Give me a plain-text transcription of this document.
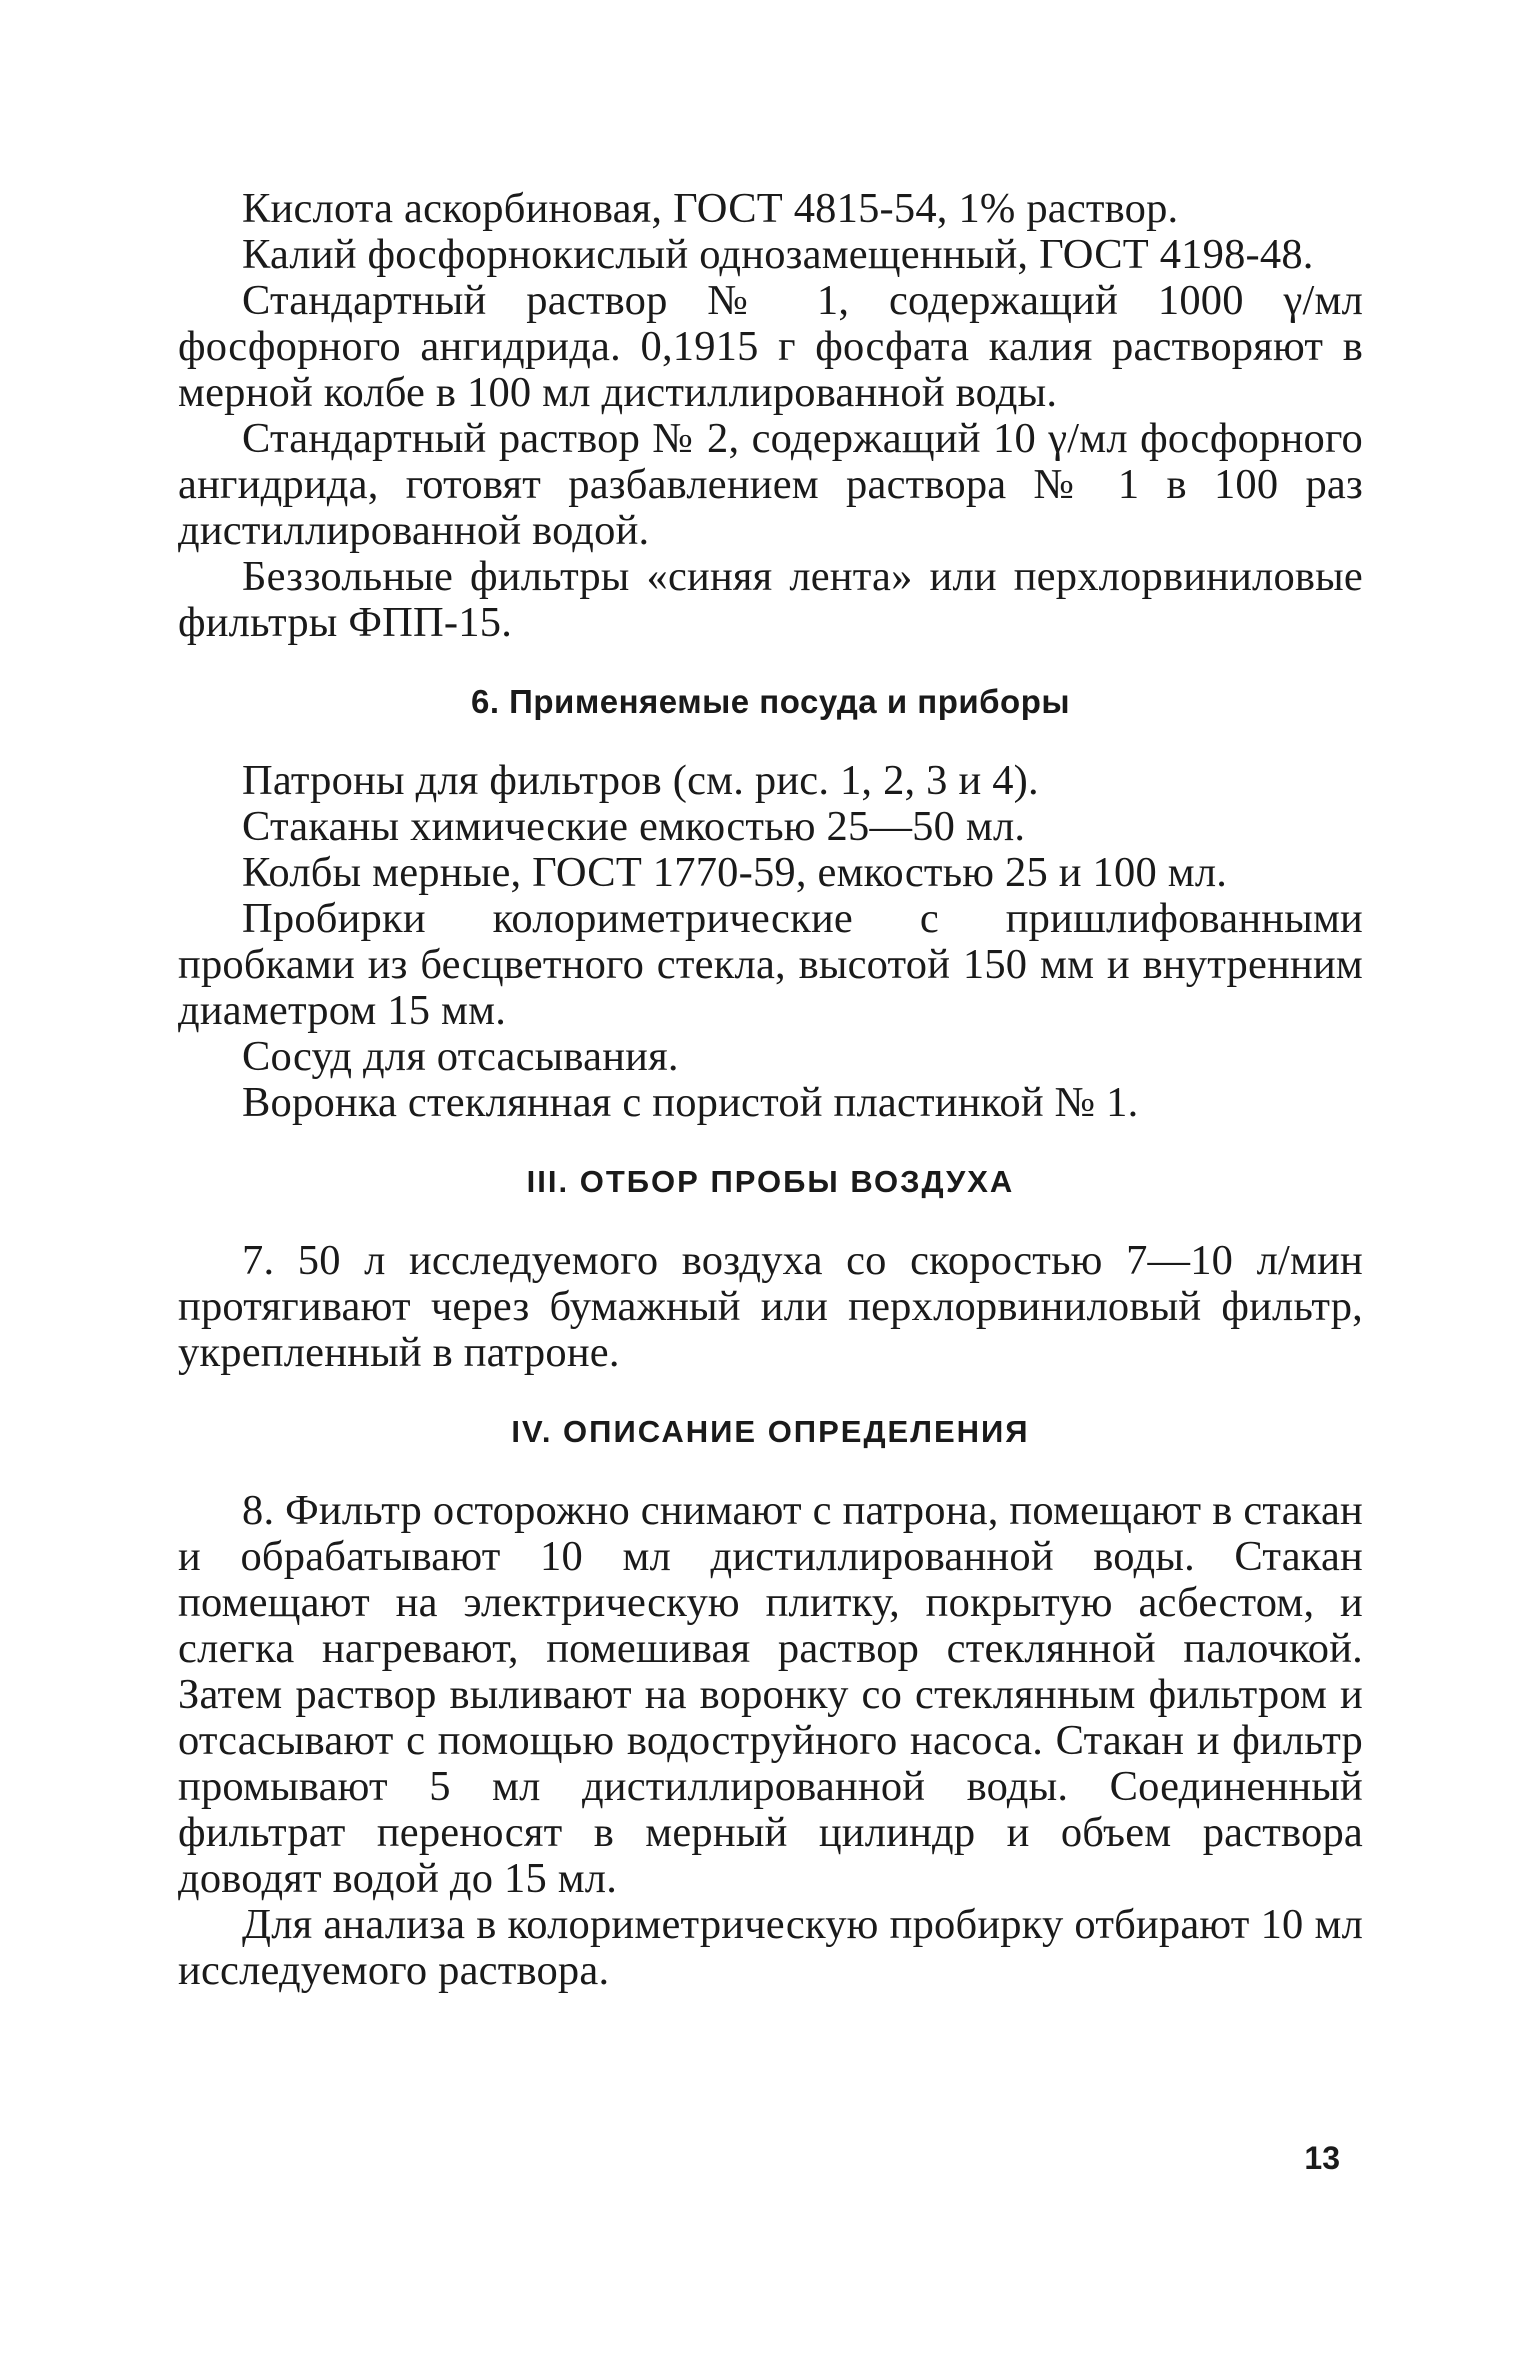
Кислота аскорбиновая, ГОСТ 4815-54, 1% раствор.

Калий фосфорнокислый однозамещенный, ГОСТ 4198-48.

Стандартный раствор № 1, содержащий 1000 γ/мл фосфорного ангидрида. 0,1915 г фосфата калия растворяют в мерной колбе в 100 мл дистиллированной воды.

Стандартный раствор № 2, содержащий 10 γ/мл фосфорного ангидрида, готовят разбавлением раствора № 1 в 100 раз дистиллированной водой.

Беззольные фильтры «синяя лента» или перхлорвиниловые фильтры ФПП-15.

6. Применяемые посуда и приборы

Патроны для фильтров (см. рис. 1, 2, 3 и 4).

Стаканы химические емкостью 25—50 мл.

Колбы мерные, ГОСТ 1770-59, емкостью 25 и 100 мл.

Пробирки колориметрические с пришлифованными пробками из бесцветного стекла, высотой 150 мм и внутренним диаметром 15 мм.

Сосуд для отсасывания.

Воронка стеклянная с пористой пластинкой № 1.

III. ОТБОР ПРОБЫ ВОЗДУХА

7. 50 л исследуемого воздуха со скоростью 7—10 л/мин протягивают через бумажный или перхлорвиниловый фильтр, укрепленный в патроне.

IV. ОПИСАНИЕ ОПРЕДЕЛЕНИЯ

8. Фильтр осторожно снимают с патрона, помещают в стакан и обрабатывают 10 мл дистиллированной воды. Стакан помещают на электрическую плитку, покрытую асбестом, и слегка нагревают, помешивая раствор стеклянной палочкой. Затем раствор выливают на воронку со стеклянным фильтром и отсасывают с помощью водоструйного насоса. Стакан и фильтр промывают 5 мл дистиллированной воды. Соединенный фильтрат переносят в мерный цилиндр и объем раствора доводят водой до 15 мл.

Для анализа в колориметрическую пробирку отбирают 10 мл исследуемого раствора.

13
